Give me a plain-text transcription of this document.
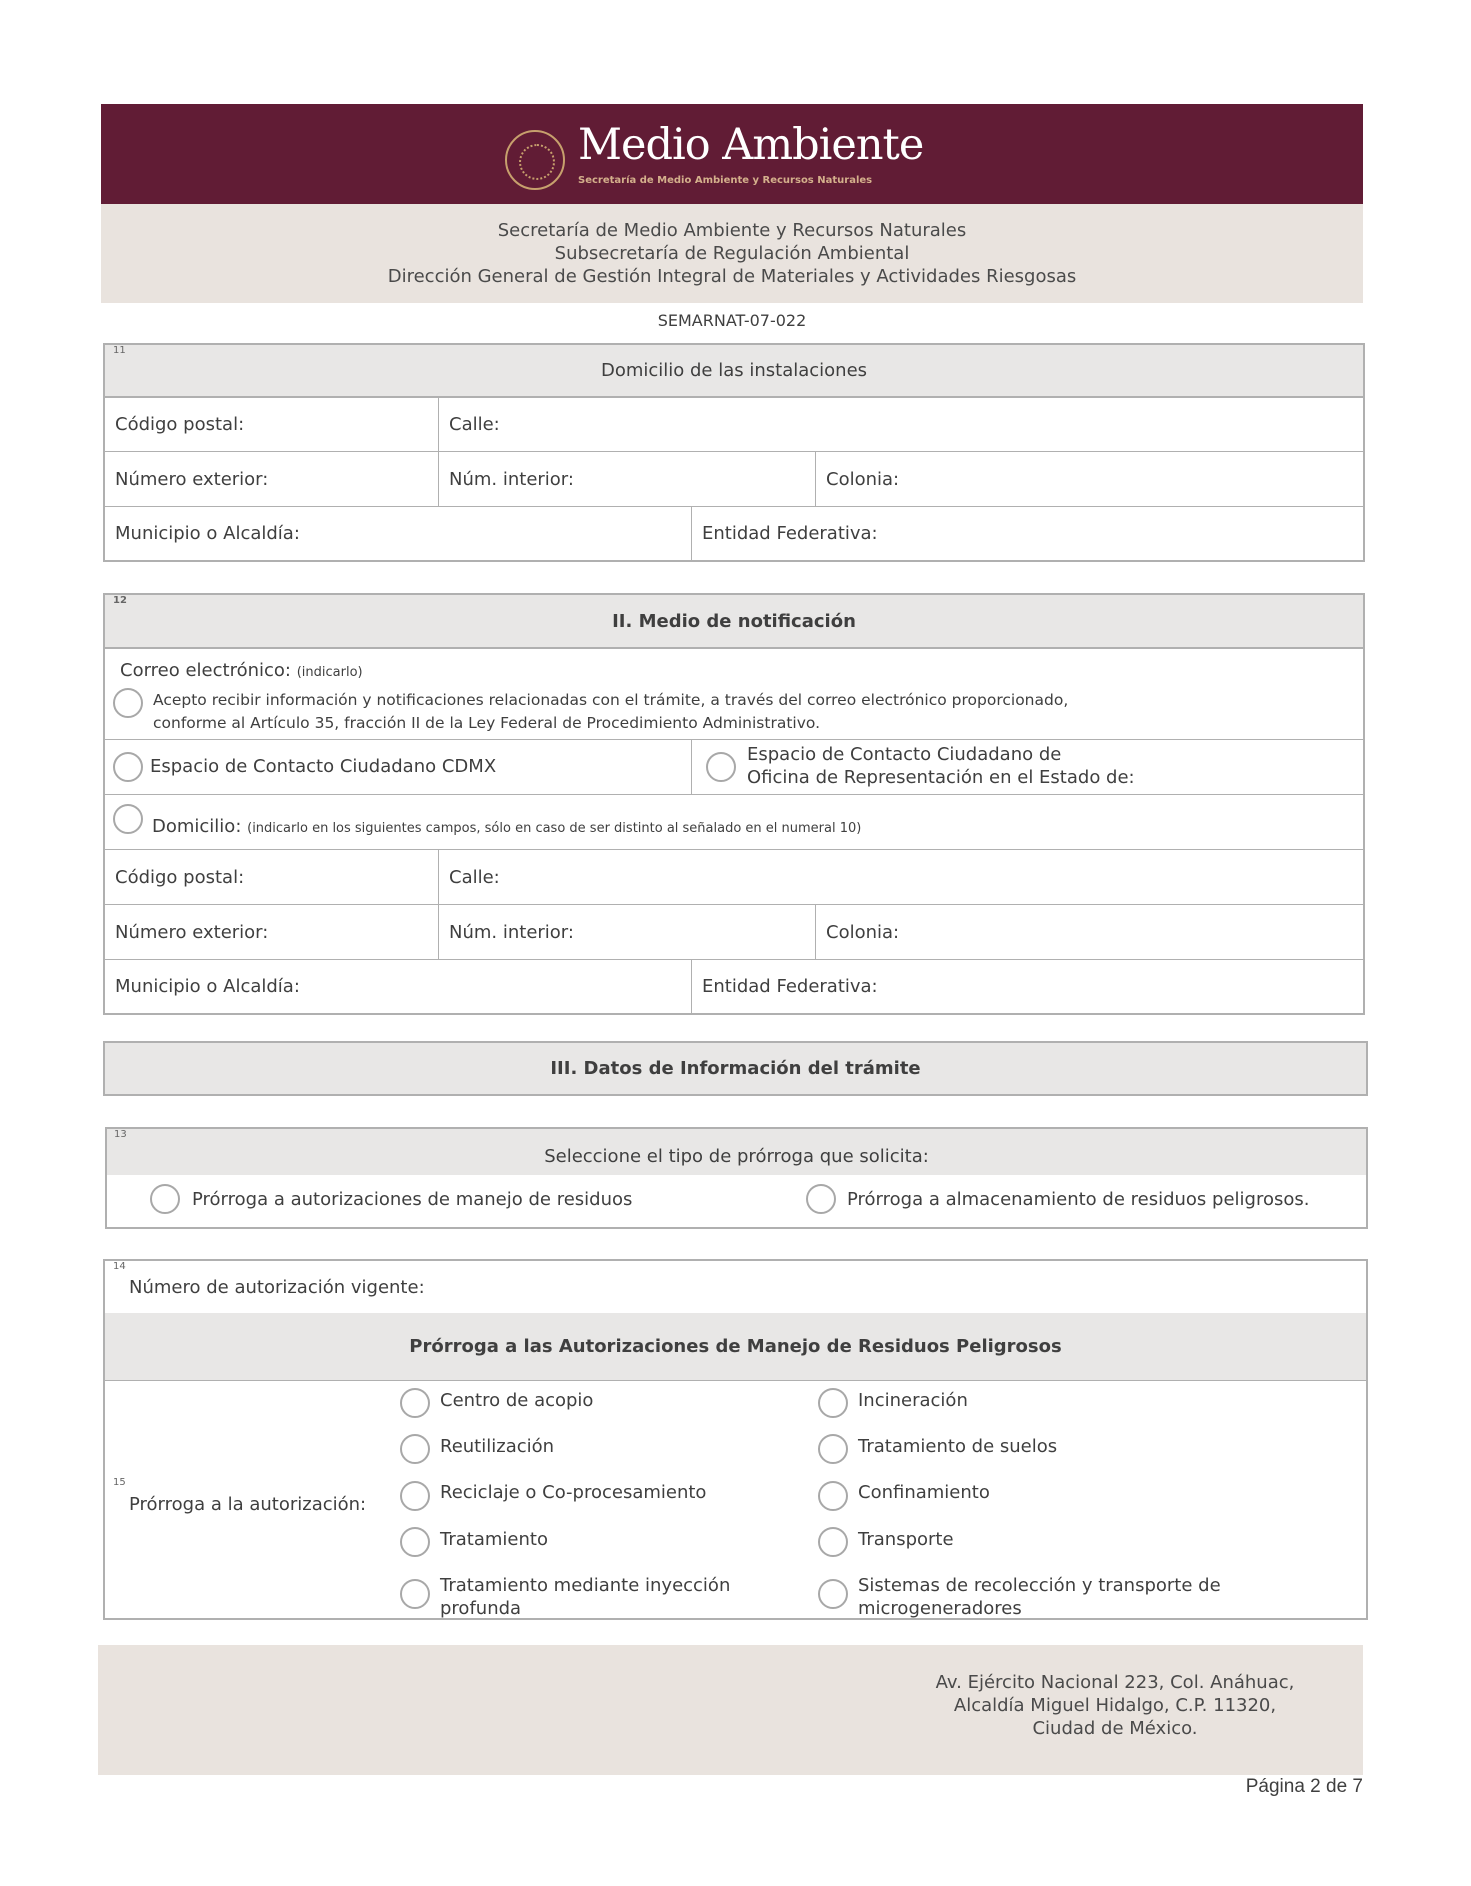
Medio Ambiente
Secretaría de Medio Ambiente y Recursos Naturales
Secretaría de Medio Ambiente y Recursos Naturales
Subsecretaría de Regulación Ambiental
Dirección General de Gestión Integral de Materiales y Actividades Riesgosas
SEMARNAT-07-022
Domicilio de las instalaciones
11
Código postal:	Calle:
Número exterior:	Núm. interior:	Colonia:
Municipio o Alcaldía:	Entidad Federativa:
II. Medio de notificación
12
Correo electrónico: (indicarlo)
Acepto recibir información y notificaciones relacionadas con el trámite, a través del correo electrónico proporcionado,
conforme al Artículo 35, fracción II de la Ley Federal de Procedimiento Administrativo.
Espacio de Contacto Ciudadano CDMX
Espacio de Contacto Ciudadano de
Oficina de Representación en el Estado de:
Domicilio: (indicarlo en los siguientes campos, sólo en caso de ser distinto al señalado en el numeral 10)
Código postal:	Calle:
Número exterior:	Núm. interior:	Colonia:
Municipio o Alcaldía:	Entidad Federativa:
III. Datos de Información del trámite
Seleccione el tipo de prórroga que solicita:
13
Prórroga a autorizaciones de manejo de residuos	Prórroga a almacenamiento de residuos peligrosos.
14
Número de autorización vigente:
Prórroga a las Autorizaciones de Manejo de Residuos Peligrosos
15
Prórroga a la autorización:
Centro de acopio
Reutilización
Reciclaje o Co-procesamiento
Tratamiento
Tratamiento mediante inyección
profunda
Incineración
Tratamiento de suelos
Confinamiento
Transporte
Sistemas de recolección y transporte de
microgeneradores
Av. Ejército Nacional 223, Col. Anáhuac,
Alcaldía Miguel Hidalgo, C.P. 11320,
Ciudad de México.
Página 2 de 7
